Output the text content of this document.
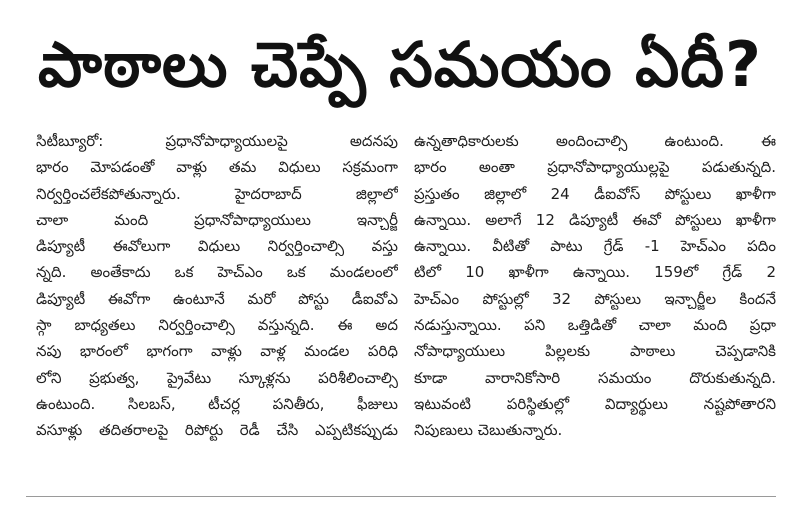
పాఠాలు చెప్పే సమయం ఏదీ?
సిటీబ్యూరో: ప్రధానోపాధ్యాయులపై అదనపు
భారం మోపడంతో వాళ్లు తమ విధులు సక్రమంగా
నిర్వర్తించలేకపోతున్నారు. హైదరాబాద్ జిల్లాలో
చాలా మంది ప్రధానోపాధ్యాయులు ఇన్చార్జీ
డిప్యూటీ ఈవోలుగా విధులు నిర్వర్తించాల్సి వస్తు
న్నది. అంతేకాదు ఒక హెచ్ఎం ఒక మండలంలో
డిప్యూటీ ఈవోగా ఉంటూనే మరో పోస్టు డీఐవోఎ
స్గా బాధ్యతలు నిర్వర్తించాల్సి వస్తున్నది. ఈ అద
నపు భారంలో భాగంగా వాళ్లు వాళ్ల మండల పరిధి
లోని ప్రభుత్వ, ప్రైవేటు స్కూళ్లను పరిశీలించాల్సి
ఉంటుంది. సిలబస్, టీచర్ల పనితీరు, ఫీజులు
వసూళ్లు తదితరాలపై రిపోర్టు రెడీ చేసి ఎప్పటికప్పుడు
ఉన్నతాధికారులకు అందించాల్సి ఉంటుంది. ఈ
భారం అంతా ప్రధానోపాధ్యాయుల్లపై పడుతున్నది.
ప్రస్తుతం జిల్లాలో 24 డీఐవోస్ పోస్టులు ఖాళీగా
ఉన్నాయి. అలాగే 12 డిప్యూటీ ఈవో పోస్టులు ఖాళీగా
ఉన్నాయి. వీటితో పాటు గ్రేడ్ -1 హెచ్ఎం పదిం
టిలో 10 ఖాళీగా ఉన్నాయి. 159లో గ్రేడ్ 2
హెచ్ఎం పోస్టుల్లో 32 పోస్టులు ఇన్చార్జీల కిందనే
నడుస్తున్నాయి. పని ఒత్తిడితో చాలా మంది ప్రధా
నోపాధ్యాయులు పిల్లలకు పాఠాలు చెప్పడానికి
కూడా వారానికోసారి సమయం దొరుకుతున్నది.
ఇటువంటి పరిస్థితుల్లో విద్యార్థులు నష్టపోతారని
నిపుణులు చెబుతున్నారు.
